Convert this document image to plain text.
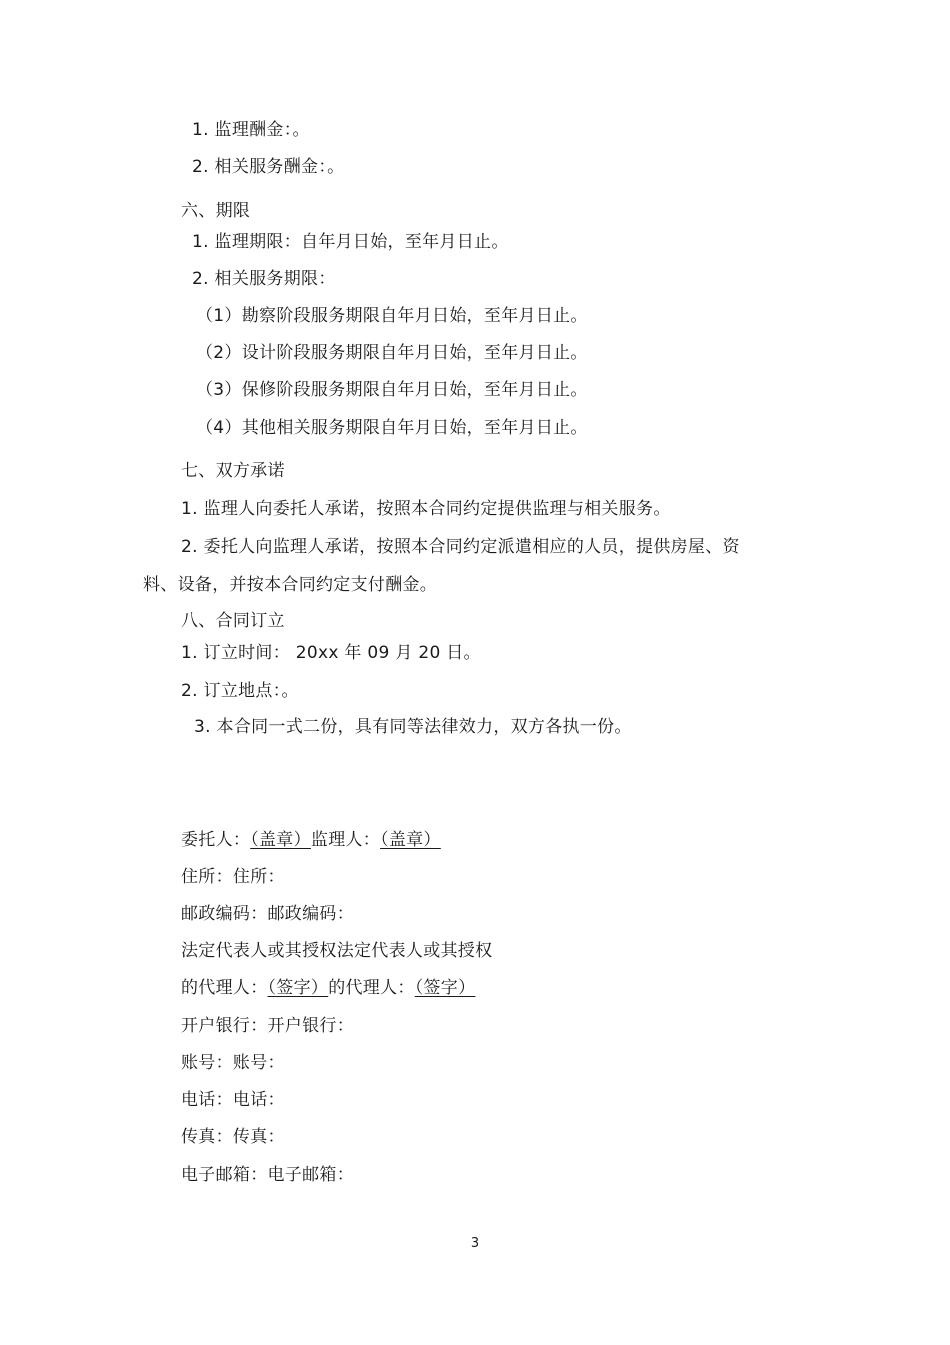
1. 监理酬金：。
2. 相关服务酬金：。
六、期限
1. 监理期限：自年月日始，至年月日止。
2. 相关服务期限：
（1）勘察阶段服务期限自年月日始，至年月日止。
（2）设计阶段服务期限自年月日始，至年月日止。
（3）保修阶段服务期限自年月日始，至年月日止。
（4）其他相关服务期限自年月日始，至年月日止。
七、双方承诺
1. 监理人向委托人承诺，按照本合同约定提供监理与相关服务。
2. 委托人向监理人承诺，按照本合同约定派遣相应的人员，提供房屋、资
料、设备，并按本合同约定支付酬金。
八、合同订立
1. 订立时间： 20xx 年 09 月 20 日。
2. 订立地点：。
3. 本合同一式二份，具有同等法律效力，双方各执一份。
委托人：（盖章）监理人：（盖章）
住所：住所：
邮政编码：邮政编码：
法定代表人或其授权法定代表人或其授权
的代理人：（签字）的代理人：（签字）
开户银行：开户银行：
账号：账号：
电话：电话：
传真：传真：
电子邮箱：电子邮箱：
3
